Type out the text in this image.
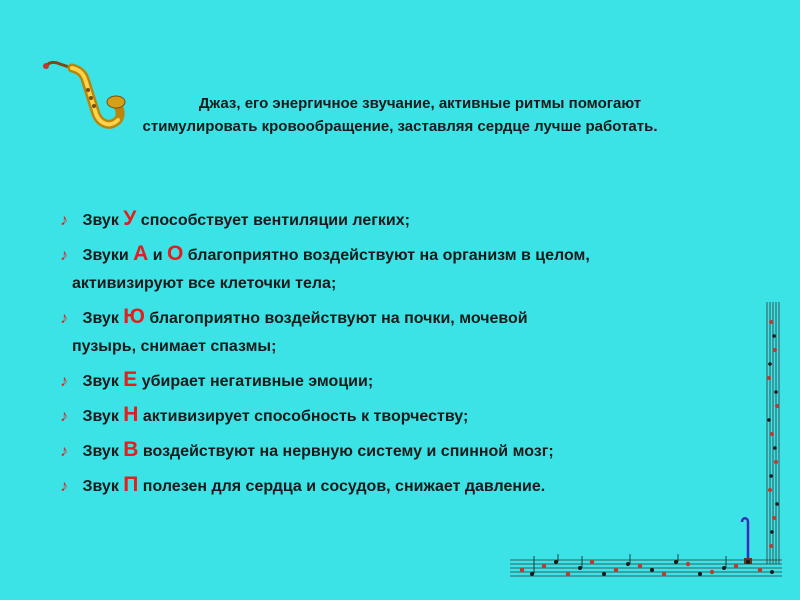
Джаз, его энергичное звучание, активные ритмы помогают
стимулировать кровообращение, заставляя сердце лучше работать.
♪ Звук У способствует вентиляции легких;
♪ Звуки А и О благоприятно воздействуют на организм в целом,
активизируют все клеточки тела;
♪ Звук Ю благоприятно воздействуют на почки, мочевой
пузырь, снимает спазмы;
♪ Звук Е убирает негативные эмоции;
♪ Звук Н активизирует способность к творчеству;
♪ Звук В воздействуют на нервную систему и спинной мозг;
♪ Звук П полезен для сердца и сосудов, снижает давление.
